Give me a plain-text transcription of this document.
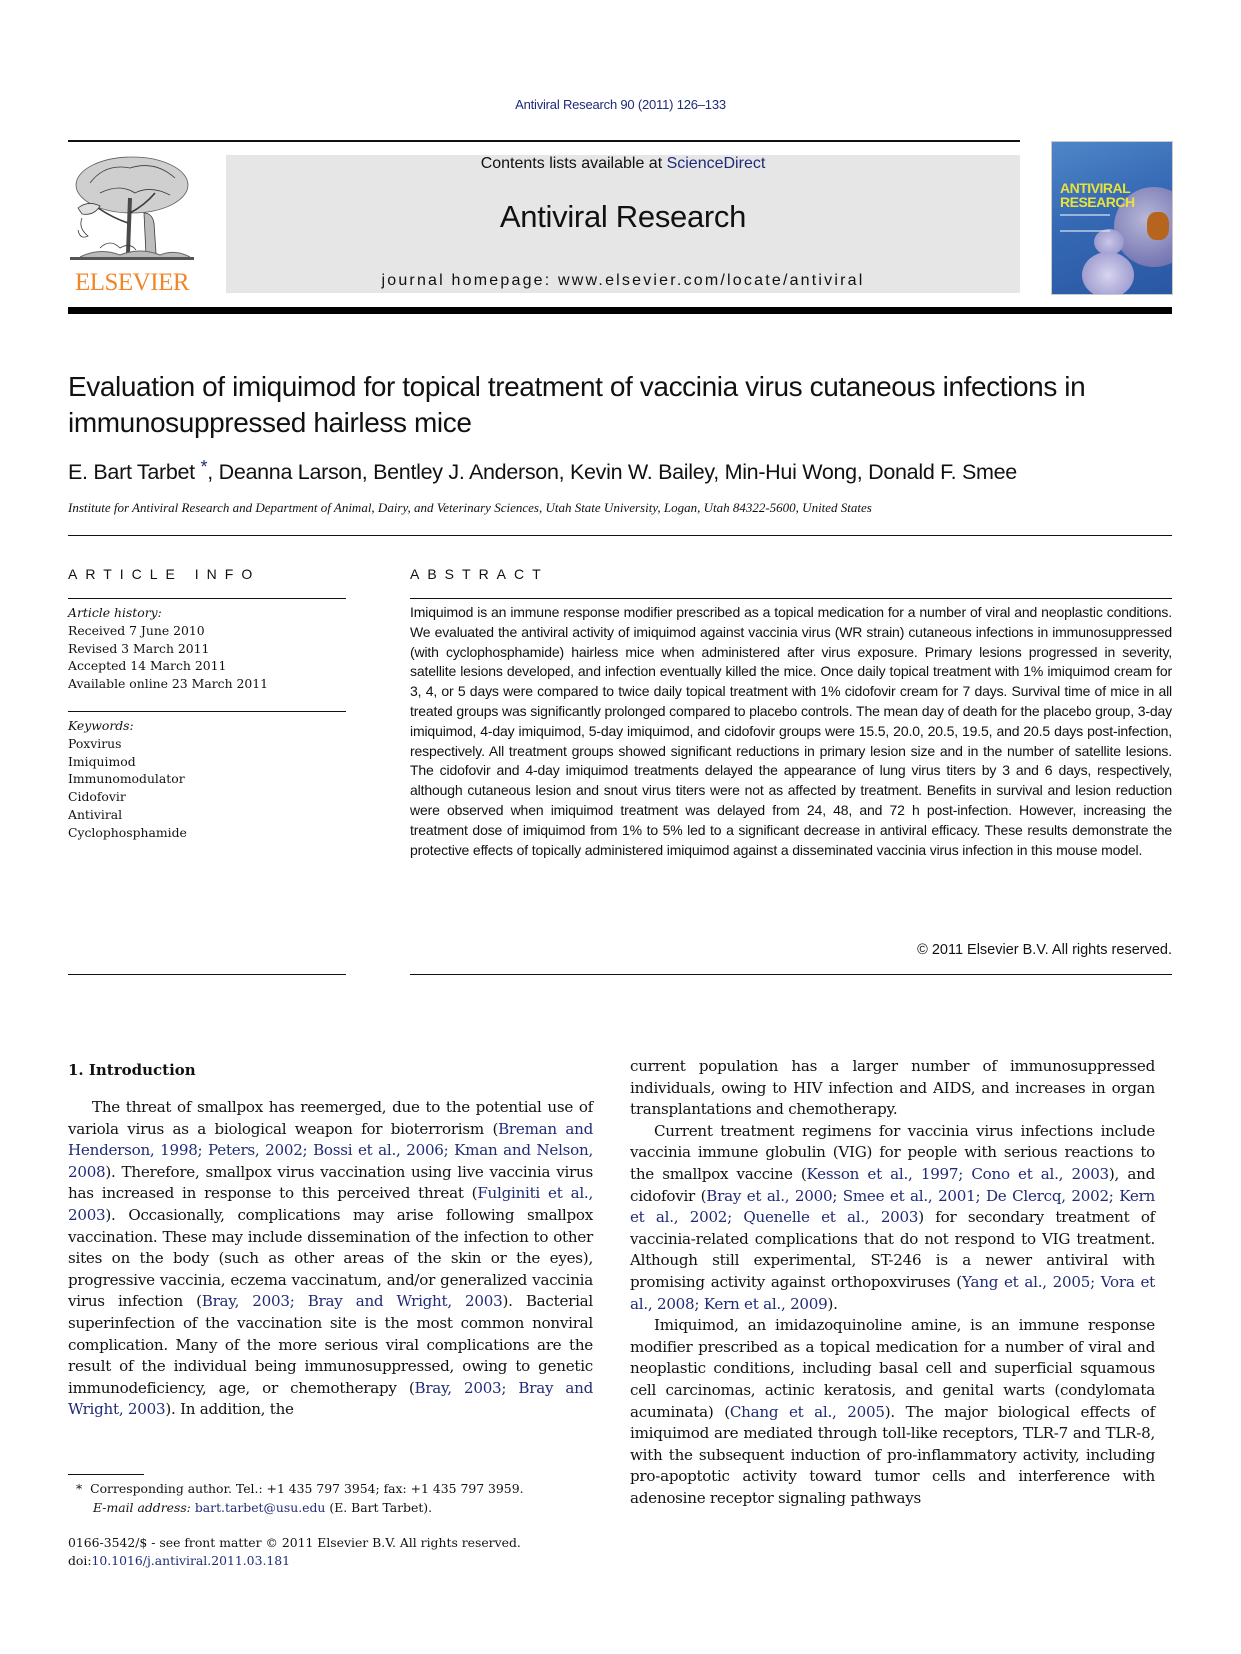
Antiviral Research 90 (2011) 126–133
ELSEVIER
Contents lists available at ScienceDirect
Antiviral Research
journal homepage: www.elsevier.com/locate/antiviral
ANTIVIRAL
RESEARCH
Evaluation of imiquimod for topical treatment of vaccinia virus cutaneous infections in immunosuppressed hairless mice
E. Bart Tarbet *, Deanna Larson, Bentley J. Anderson, Kevin W. Bailey, Min-Hui Wong, Donald F. Smee
Institute for Antiviral Research and Department of Animal, Dairy, and Veterinary Sciences, Utah State University, Logan, Utah 84322-5600, United States
ARTICLE INFO
Article history:
Received 7 June 2010
Revised 3 March 2011
Accepted 14 March 2011
Available online 23 March 2011
Keywords:
Poxvirus
Imiquimod
Immunomodulator
Cidofovir
Antiviral
Cyclophosphamide
ABSTRACT
Imiquimod is an immune response modifier prescribed as a topical medication for a number of viral and neoplastic conditions. We evaluated the antiviral activity of imiquimod against vaccinia virus (WR strain) cutaneous infections in immunosuppressed (with cyclophosphamide) hairless mice when administered after virus exposure. Primary lesions progressed in severity, satellite lesions developed, and infection eventually killed the mice. Once daily topical treatment with 1% imiquimod cream for 3, 4, or 5 days were compared to twice daily topical treatment with 1% cidofovir cream for 7 days. Survival time of mice in all treated groups was significantly prolonged compared to placebo controls. The mean day of death for the placebo group, 3-day imiquimod, 4-day imiquimod, 5-day imiquimod, and cidofovir groups were 15.5, 20.0, 20.5, 19.5, and 20.5 days post-infection, respectively. All treatment groups showed significant reductions in primary lesion size and in the number of satellite lesions. The cidofovir and 4-day imiquimod treatments delayed the appearance of lung virus titers by 3 and 6 days, respectively, although cutaneous lesion and snout virus titers were not as affected by treatment. Benefits in survival and lesion reduction were observed when imiquimod treatment was delayed from 24, 48, and 72 h post-infection. However, increasing the treatment dose of imiquimod from 1% to 5% led to a significant decrease in antiviral efficacy. These results demonstrate the protective effects of topically administered imiquimod against a disseminated vaccinia virus infection in this mouse model.
© 2011 Elsevier B.V. All rights reserved.
1. Introduction

The threat of smallpox has reemerged, due to the potential use of variola virus as a biological weapon for bioterrorism (Breman and Henderson, 1998; Peters, 2002; Bossi et al., 2006; Kman and Nelson, 2008). Therefore, smallpox virus vaccination using live vaccinia virus has increased in response to this perceived threat (Fulginiti et al., 2003). Occasionally, complications may arise following smallpox vaccination. These may include dissemination of the infection to other sites on the body (such as other areas of the skin or the eyes), progressive vaccinia, eczema vaccinatum, and/or generalized vaccinia virus infection (Bray, 2003; Bray and Wright, 2003). Bacterial superinfection of the vaccination site is the most common nonviral complication. Many of the more serious viral complications are the result of the individual being immunosuppressed, owing to genetic immunodeficiency, age, or chemotherapy (Bray, 2003; Bray and Wright, 2003). In addition, the

current population has a larger number of immunosuppressed individuals, owing to HIV infection and AIDS, and increases in organ transplantations and chemotherapy.

Current treatment regimens for vaccinia virus infections include vaccinia immune globulin (VIG) for people with serious reactions to the smallpox vaccine (Kesson et al., 1997; Cono et al., 2003), and cidofovir (Bray et al., 2000; Smee et al., 2001; De Clercq, 2002; Kern et al., 2002; Quenelle et al., 2003) for secondary treatment of vaccinia-related complications that do not respond to VIG treatment. Although still experimental, ST-246 is a newer antiviral with promising activity against orthopoxviruses (Yang et al., 2005; Vora et al., 2008; Kern et al., 2009).

Imiquimod, an imidazoquinoline amine, is an immune response modifier prescribed as a topical medication for a number of viral and neoplastic conditions, including basal cell and superficial squamous cell carcinomas, actinic keratosis, and genital warts (condylomata acuminata) (Chang et al., 2005). The major biological effects of imiquimod are mediated through toll-like receptors, TLR-7 and TLR-8, with the subsequent induction of pro-inflammatory activity, including pro-apoptotic activity toward tumor cells and interference with adenosine receptor signaling pathways

* Corresponding author. Tel.: +1 435 797 3954; fax: +1 435 797 3959.
E-mail address: bart.tarbet@usu.edu (E. Bart Tarbet).
0166-3542/$ - see front matter © 2011 Elsevier B.V. All rights reserved.
doi:10.1016/j.antiviral.2011.03.181
